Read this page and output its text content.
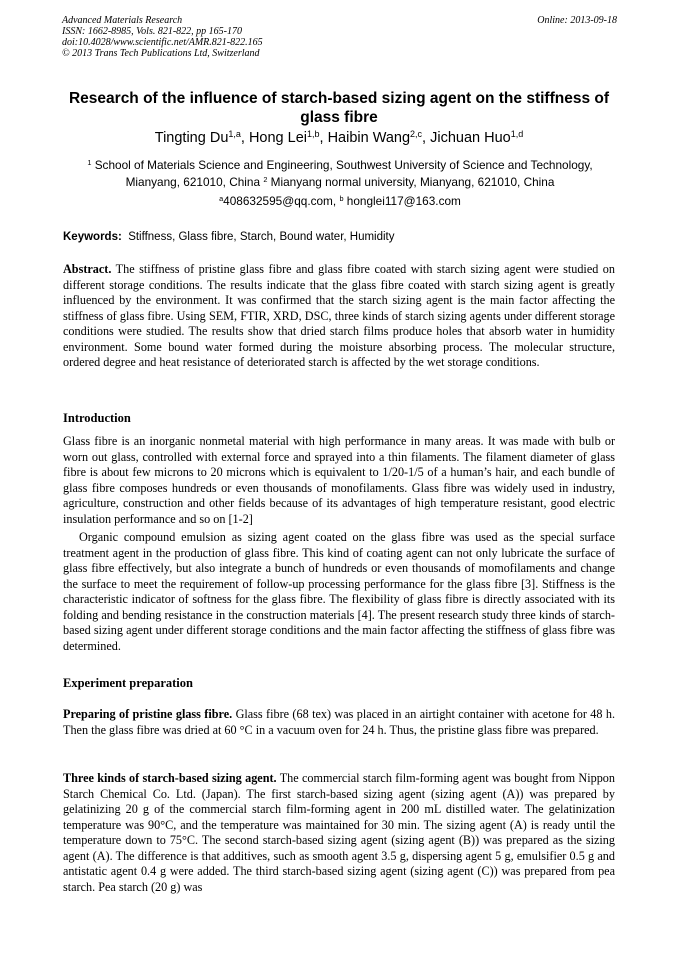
Advanced Materials Research
ISSN: 1662-8985, Vols. 821-822, pp 165-170
doi:10.4028/www.scientific.net/AMR.821-822.165
© 2013 Trans Tech Publications Ltd, Switzerland
Online: 2013-09-18
Research of the influence of starch-based sizing agent on the stiffness of glass fibre
Tingting Du$^{1,a}$, Hong Lei$^{1,b}$, Haibin Wang$^{2,c}$, Jichuan Huo$^{1,d}$
$^1$ School of Materials Science and Engineering, Southwest University of Science and Technology, Mianyang, 621010, China $^2$ Mianyang normal university, Mianyang, 621010, China
$^a$408632595@qq.com, $^b$ honglei117@163.com
Keywords: Stiffness, Glass fibre, Starch, Bound water, Humidity
Abstract. The stiffness of pristine glass fibre and glass fibre coated with starch sizing agent were studied on different storage conditions. The results indicate that the glass fibre coated with starch sizing agent is greatly influenced by the environment. It was confirmed that the starch sizing agent is the main factor affecting the stiffness of glass fibre. Using SEM, FTIR, XRD, DSC, three kinds of starch sizing agents under different storage conditions were studied. The results show that dried starch films produce holes that absorb water in humidity environment. Some bound water formed during the moisture absorbing process. The molecular structure, ordered degree and heat resistance of deteriorated starch is affected by the wet storage conditions.
Introduction
Glass fibre is an inorganic nonmetal material with high performance in many areas. It was made with bulb or worn out glass, controlled with external force and sprayed into a thin filaments. The filament diameter of glass fibre is about few microns to 20 microns which is equivalent to 1/20-1/5 of a human’s hair, and each bundle of glass fibre composes hundreds or even thousands of monofilaments. Glass fibre was widely used in industry, agriculture, construction and other fields because of its advantages of high temperature resistant, good electric insulation performance and so on [1-2]
Organic compound emulsion as sizing agent coated on the glass fibre was used as the special surface treatment agent in the production of glass fibre. This kind of coating agent can not only lubricate the surface of glass fibre effectively, but also integrate a bunch of hundreds or even thousands of momofilaments and change the surface to meet the requirement of follow-up processing performance for the glass fibre [3]. Stiffness is the characteristic indicator of softness for the glass fibre. The flexibility of glass fibre is directly associated with its folding and bending resistance in the construction materials [4]. The present research study three kinds of starch-based sizing agent under different storage conditions and the main factor affecting the stiffness of glass fibre was determined.
Experiment preparation
Preparing of pristine glass fibre. Glass fibre (68 tex) was placed in an airtight container with acetone for 48 h. Then the glass fibre was dried at 60 °C in a vacuum oven for 24 h. Thus, the pristine glass fibre was prepared.
Three kinds of starch-based sizing agent. The commercial starch film-forming agent was bought from Nippon Starch Chemical Co. Ltd. (Japan). The first starch-based sizing agent (sizing agent (A)) was prepared by gelatinizing 20 g of the commercial starch film-forming agent in 200 mL distilled water. The gelatinization temperature was 90°C, and the temperature was maintained for 30 min. The sizing agent (A) is ready until the temperature down to 75°C. The second starch-based sizing agent (sizing agent (B)) was prepared as the sizing agent (A). The difference is that additives, such as smooth agent 3.5 g, dispersing agent 5 g, emulsifier 0.5 g and antistatic agent 0.4 g were added. The third starch-based sizing agent (sizing agent (C)) was prepared from pea starch. Pea starch (20 g) was
